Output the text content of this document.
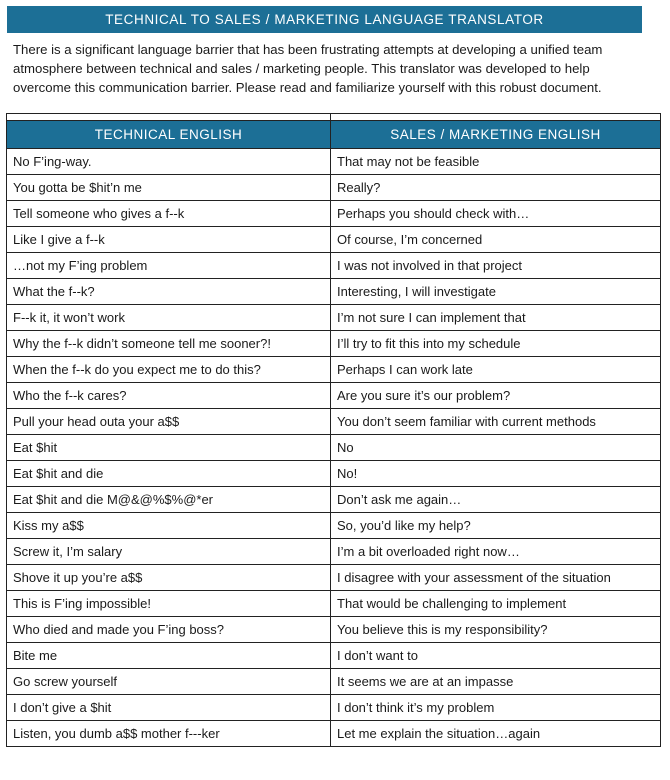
TECHNICAL TO SALES / MARKETING LANGUAGE TRANSLATOR
There is a significant language barrier that has been frustrating attempts at developing a unified team atmosphere between technical and sales / marketing people. This translator was developed to help overcome this communication barrier. Please read and familiarize yourself with this robust document.

TECHNICAL ENGLISH	SALES / MARKETING ENGLISH
No F’ing-way.	That may not be feasible
You gotta be $hit’n me	Really?
Tell someone who gives a f--k	Perhaps you should check with…
Like I give a f--k	Of course, I’m concerned
…not my F’ing problem	I was not involved in that project
What the f--k?	Interesting, I will investigate
F--k it, it won’t work	I’m not sure I can implement that
Why the f--k didn’t someone tell me sooner?!	I’ll try to fit this into my schedule
When the f--k do you expect me to do this?	Perhaps I can work late
Who the f--k cares?	Are you sure it’s our problem?
Pull your head outa your a$$	You don’t seem familiar with current methods
Eat $hit	No
Eat $hit and die	No!
Eat $hit and die M@&@%$%@*er	Don’t ask me again…
Kiss my a$$	So, you’d like my help?
Screw it, I’m salary	I’m a bit overloaded right now…
Shove it up you’re a$$	I disagree with your assessment of the situation
This is F’ing impossible!	That would be challenging to implement
Who died and made you F’ing boss?	You believe this is my responsibility?
Bite me	I don’t want to
Go screw yourself	It seems we are at an impasse
I don’t give a $hit	I don’t think it’s my problem
Listen, you dumb a$$ mother f---ker	Let me explain the situation…again
